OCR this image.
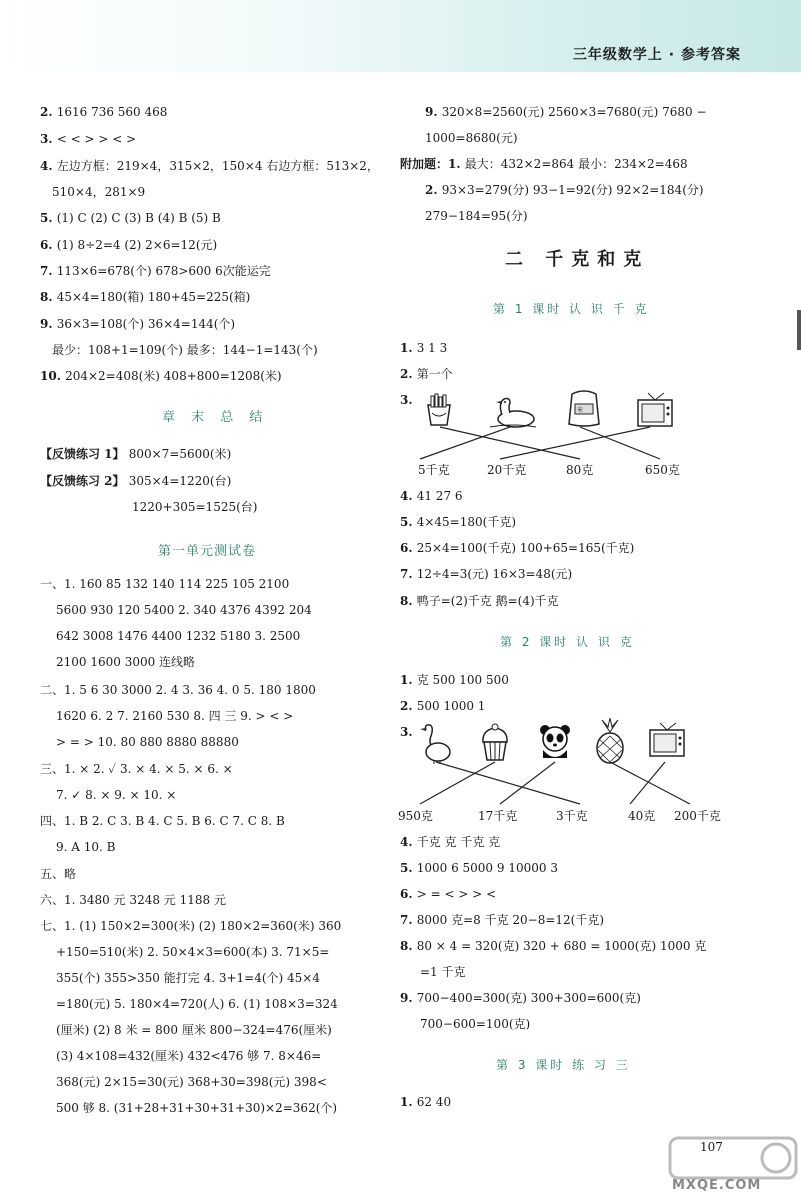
三年级数学上 · 参考答案
米
107
MXQE.COM
2. 1616 736 560 468
3. < < > > < >
4. 左边方框：219×4，315×2，150×4 右边方框：513×2，
510×4，281×9
5. (1) C (2) C (3) B (4) B (5) B
6. (1) 8÷2=4 (2) 2×6=12(元)
7. 113×6=678(个) 678>600 6次能运完
8. 45×4=180(箱) 180+45=225(箱)
9. 36×3=108(个) 36×4=144(个)
最少：108+1=109(个) 最多：144−1=143(个)
10. 204×2=408(米) 408+800=1208(米)
章 末 总 结
【反馈练习 1】 800×7=5600(米)
【反馈练习 2】 305×4=1220(台)
1220+305=1525(台)
第一单元测试卷
一、1. 160 85 132 140 114 225 105 2100
5600 930 120 5400 2. 340 4376 4392 204
642 3008 1476 4400 1232 5180 3. 2500
2100 1600 3000 连线略
二、1. 5 6 30 3000 2. 4 3. 36 4. 0 5. 180 1800
1620 6. 2 7. 2160 530 8. 四 三 9. > < >
> = > 10. 80 880 8880 88880
三、1. × 2. ✓ 3. × 4. × 5. × 6. ×
7. ✓ 8. × 9. × 10. ×
四、1. B 2. C 3. B 4. C 5. B 6. C 7. C 8. B
9. A 10. B
五、略
六、1. 3480 元 3248 元 1188 元
七、1. (1) 150×2=300(米) (2) 180×2=360(米) 360
+150=510(米) 2. 50×4×3=600(本) 3. 71×5=
355(个) 355>350 能打完 4. 3+1=4(个) 45×4
=180(元) 5. 180×4=720(人) 6. (1) 108×3=324
(厘米) (2) 8 米 = 800 厘米 800−324=476(厘米)
(3) 4×108=432(厘米) 432<476 够 7. 8×46=
368(元) 2×15=30(元) 368+30=398(元) 398<
500 够 8. (31+28+31+30+31+30)×2=362(个)
9. 320×8=2560(元) 2560×3=7680(元) 7680 −
1000=8680(元)
附加题：1. 最大：432×2=864 最小：234×2=468
2. 93×3=279(分) 93−1=92(分) 92×2=184(分)
279−184=95(分)
二 千克和克
第 1 课时 认 识 千 克
1. 3 1 3
2. 第一个
3.
5千克	20千克	80克	650克
4. 41 27 6
5. 4×45=180(千克)
6. 25×4=100(千克) 100+65=165(千克)
7. 12÷4=3(元) 16×3=48(元)
8. 鸭子=(2)千克 鹅=(4)千克
第 2 课时 认 识 克
1. 克 500 100 500
2. 500 1000 1
3.
950克	17千克	3千克	40克 200千克
4. 千克 克 千克 克
5. 1000 6 5000 9 10000 3
6. > = < > > <
7. 8000 克=8 千克 20−8=12(千克)
8. 80 × 4 = 320(克) 320 + 680 = 1000(克) 1000 克
=1 千克
9. 700−400=300(克) 300+300=600(克)
700−600=100(克)
第 3 课时 练 习 三
1. 62 40
